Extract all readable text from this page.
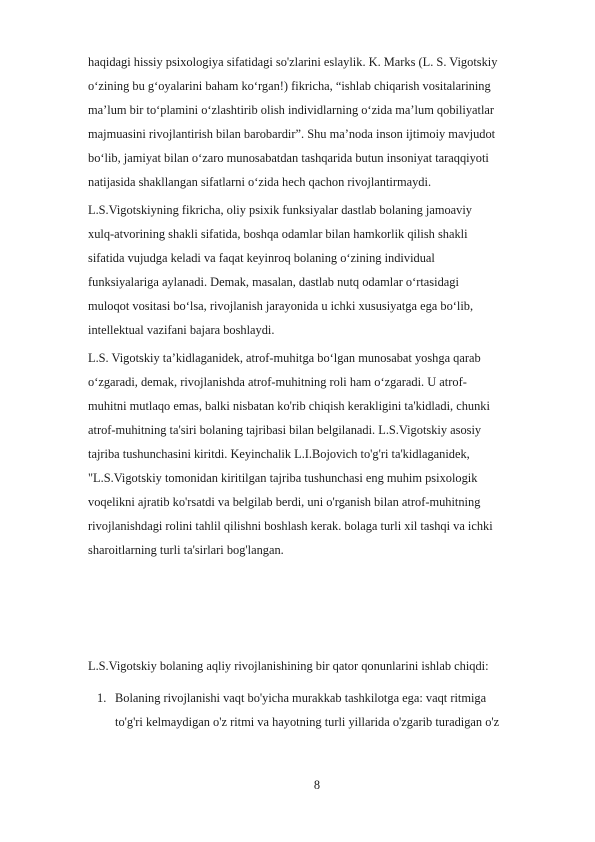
haqidagi hissiy psixologiya sifatidagi so'zlarini eslaylik. K. Marks (L. S. Vigotskiy
o‘zining bu g‘oyalarini baham ko‘rgan!) fikricha, “ishlab chiqarish vositalarining
ma’lum bir to‘plamini o‘zlashtirib olish individlarning o‘zida ma’lum qobiliyatlar
majmuasini rivojlantirish bilan barobardir”. Shu ma’noda inson ijtimoiy mavjudot
bo‘lib, jamiyat bilan o‘zaro munosabatdan tashqarida butun insoniyat taraqqiyoti
natijasida shakllangan sifatlarni o‘zida hech qachon rivojlantirmaydi.
L.S.Vigotskiyning fikricha, oliy psixik funksiyalar dastlab bolaning jamoaviy
xulq-atvorining shakli sifatida, boshqa odamlar bilan hamkorlik qilish shakli
sifatida vujudga keladi va faqat keyinroq bolaning o‘zining individual
funksiyalariga aylanadi. Demak, masalan, dastlab nutq odamlar o‘rtasidagi
muloqot vositasi bo‘lsa, rivojlanish jarayonida u ichki xususiyatga ega bo‘lib,
intellektual vazifani bajara boshlaydi.
L.S. Vigotskiy ta’kidlaganidek, atrof-muhitga bo‘lgan munosabat yoshga qarab
o‘zgaradi, demak, rivojlanishda atrof-muhitning roli ham o‘zgaradi. U atrof-
muhitni mutlaqo emas, balki nisbatan ko'rib chiqish kerakligini ta'kidladi, chunki
atrof-muhitning ta'siri bolaning tajribasi bilan belgilanadi. L.S.Vigotskiy asosiy
tajriba tushunchasini kiritdi. Keyinchalik L.I.Bojovich to'g'ri ta'kidlaganidek,
"L.S.Vigotskiy tomonidan kiritilgan tajriba tushunchasi eng muhim psixologik
voqelikni ajratib ko'rsatdi va belgilab berdi, uni o'rganish bilan atrof-muhitning
rivojlanishdagi rolini tahlil qilishni boshlash kerak. bolaga turli xil tashqi va ichki
sharoitlarning turli ta'sirlari bog'langan.
L.S.Vigotskiy bolaning aqliy rivojlanishining bir qator qonunlarini ishlab chiqdi:
1. Bolaning rivojlanishi vaqt bo'yicha murakkab tashkilotga ega: vaqt ritmiga
to'g'ri kelmaydigan o'z ritmi va hayotning turli yillarida o'zgarib turadigan o'z
8
